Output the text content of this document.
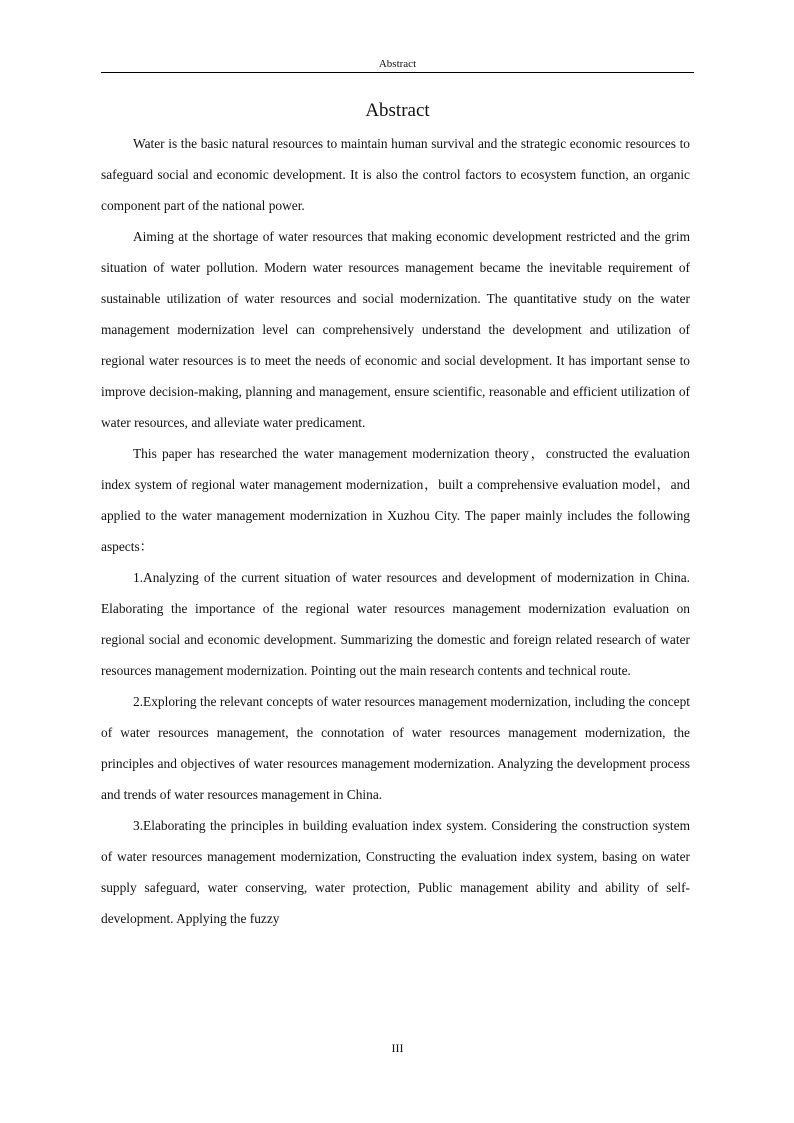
Abstract
Abstract

Water is the basic natural resources to maintain human survival and the strategic economic resources to safeguard social and economic development. It is also the control factors to ecosystem function, an organic component part of the national power.

Aiming at the shortage of water resources that making economic development restricted and the grim situation of water pollution. Modern water resources management became the inevitable requirement of sustainable utilization of water resources and social modernization. The quantitative study on the water management modernization level can comprehensively understand the development and utilization of regional water resources is to meet the needs of economic and social development. It has important sense to improve decision-making, planning and management, ensure scientific, reasonable and efficient utilization of water resources, and alleviate water predicament.

This paper has researched the water management modernization theory，constructed the evaluation index system of regional water management modernization，built a comprehensive evaluation model，and applied to the water management modernization in Xuzhou City. The paper mainly includes the following aspects：

1.Analyzing of the current situation of water resources and development of modernization in China. Elaborating the importance of the regional water resources management modernization evaluation on regional social and economic development. Summarizing the domestic and foreign related research of water resources management modernization. Pointing out the main research contents and technical route.

2.Exploring the relevant concepts of water resources management modernization, including the concept of water resources management, the connotation of water resources management modernization, the principles and objectives of water resources management modernization. Analyzing the development process and trends of water resources management in China.

3.Elaborating the principles in building evaluation index system. Considering the construction system of water resources management modernization, Constructing the evaluation index system, basing on water supply safeguard, water conserving, water protection, Public management ability and ability of self-development. Applying the fuzzy

III
